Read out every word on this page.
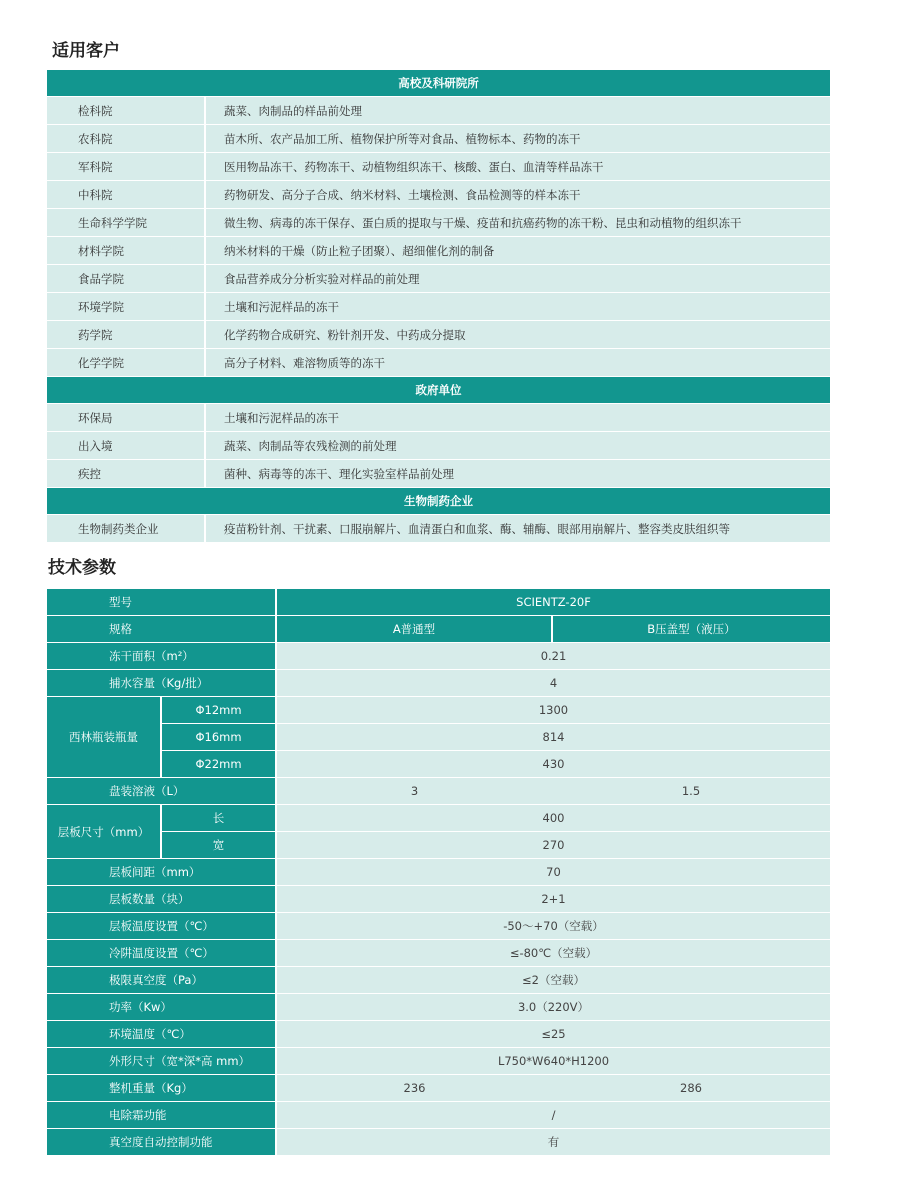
适用客户
高校及科研院所	
检科院	蔬菜、肉制品的样品前处理
农科院	苗木所、农产品加工所、植物保护所等对食品、植物标本、药物的冻干
军科院	医用物品冻干、药物冻干、动植物组织冻干、核酸、蛋白、血清等样品冻干
中科院	药物研发、高分子合成、纳米材料、土壤检测、食品检测等的样本冻干
生命科学学院	微生物、病毒的冻干保存、蛋白质的提取与干燥、疫苗和抗癌药物的冻干粉、昆虫和动植物的组织冻干
材料学院	纳米材料的干燥（防止粒子团聚）、超细催化剂的制备
食品学院	食品营养成分分析实验对样品的前处理
环境学院	土壤和污泥样品的冻干
药学院	化学药物合成研究、粉针剂开发、中药成分提取
化学学院	高分子材料、难溶物质等的冻干
政府单位	
环保局	土壤和污泥样品的冻干
出入境	蔬菜、肉制品等农残检测的前处理
疾控	菌种、病毒等的冻干、理化实验室样品前处理
生物制药企业	
生物制药类企业	疫苗粉针剂、干扰素、口服崩解片、血清蛋白和血浆、酶、辅酶、眼部用崩解片、整容类皮肤组织等
技术参数
型号		SCIENTZ-20F	
规格		A普通型	B压盖型（液压）
冻干面积（m²）		0.21	
捕水容量（Kg/批）		4	
西林瓶装瓶量	Φ12mm	1300	
	Φ16mm	814	
	Φ22mm	430	
盘装溶液（L）		3	1.5
层板尺寸（mm）	长	400	
	宽	270	
层板间距（mm）		70	
层板数量（块）		2+1	
层板温度设置（℃）		-50～+70（空载）	
冷阱温度设置（℃）		≤-80℃（空载）	
极限真空度（Pa）		≤2（空载）	
功率（Kw）		3.0（220V）	
环境温度（℃）		≤25	
外形尺寸（宽*深*高 mm）		L750*W640*H1200	
整机重量（Kg）		236	286
电除霜功能		/	
真空度自动控制功能		有	
